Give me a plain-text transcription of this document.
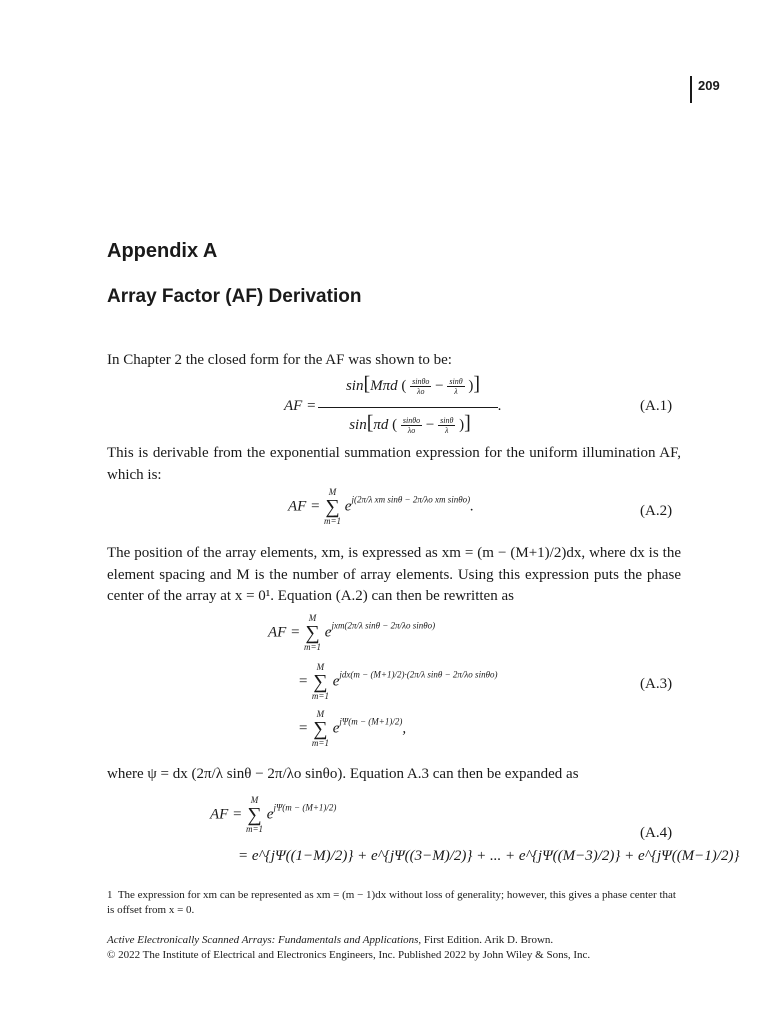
209
Appendix A
Array Factor (AF) Derivation
In Chapter 2 the closed form for the AF was shown to be:
AF =
sin[Mπd ( $\frac{\sin\theta o}{\lambda o} - \frac{\sin\theta}{\lambda}$ )]
sin[πd ( $\frac{\sin\theta o}{\lambda o} - \frac{\sin\theta}{\lambda}$ )]
.	(A.1)
This is derivable from the exponential summation expression for the uniform illumination AF, which is:
AF =
M
∑
m=1
$e^{j(2\pi/\lambda xm sin\theta - 2\pi/\lambda o xm sin\theta o)}$.	(A.2)
The position of the array elements, xm, is expressed as xm = (m − (M+1)/2)dx, where dx is the element spacing and M is the number of array elements. Using this expression puts the phase center of the array at x = 0¹. Equation (A.2) can then be rewritten as
AF =
M
∑
m=1
$e^{jxm(2\pi/\lambda sin\theta - 2\pi/\lambda o sin\theta o)}$
=
M
∑
m=1
$e^{jdx(m - (M+1)/2)\cdot(2\pi/\lambda sin\theta - 2\pi/\lambda o sin\theta o)}$
=
M
∑
m=1
$e^{j\Psi(m - (M+1)/2)}$,
(A.3)
where ψ = dx (2π/λ sinθ − 2π/λo sinθo). Equation A.3 can then be expanded as
AF =
M
∑
m=1
$e^{j\Psi(m - (M+1)/2)}$
= e^{jΨ((1−M)/2)} + e^{jΨ((3−M)/2)} + ... + e^{jΨ((M−3)/2)} + e^{jΨ((M−1)/2)}
(A.4)
1 The expression for xm can be represented as xm = (m − 1)dx without loss of generality; however, this gives a phase center that is offset from x = 0.
Active Electronically Scanned Arrays: Fundamentals and Applications, First Edition. Arik D. Brown.
© 2022 The Institute of Electrical and Electronics Engineers, Inc. Published 2022 by John Wiley & Sons, Inc.
